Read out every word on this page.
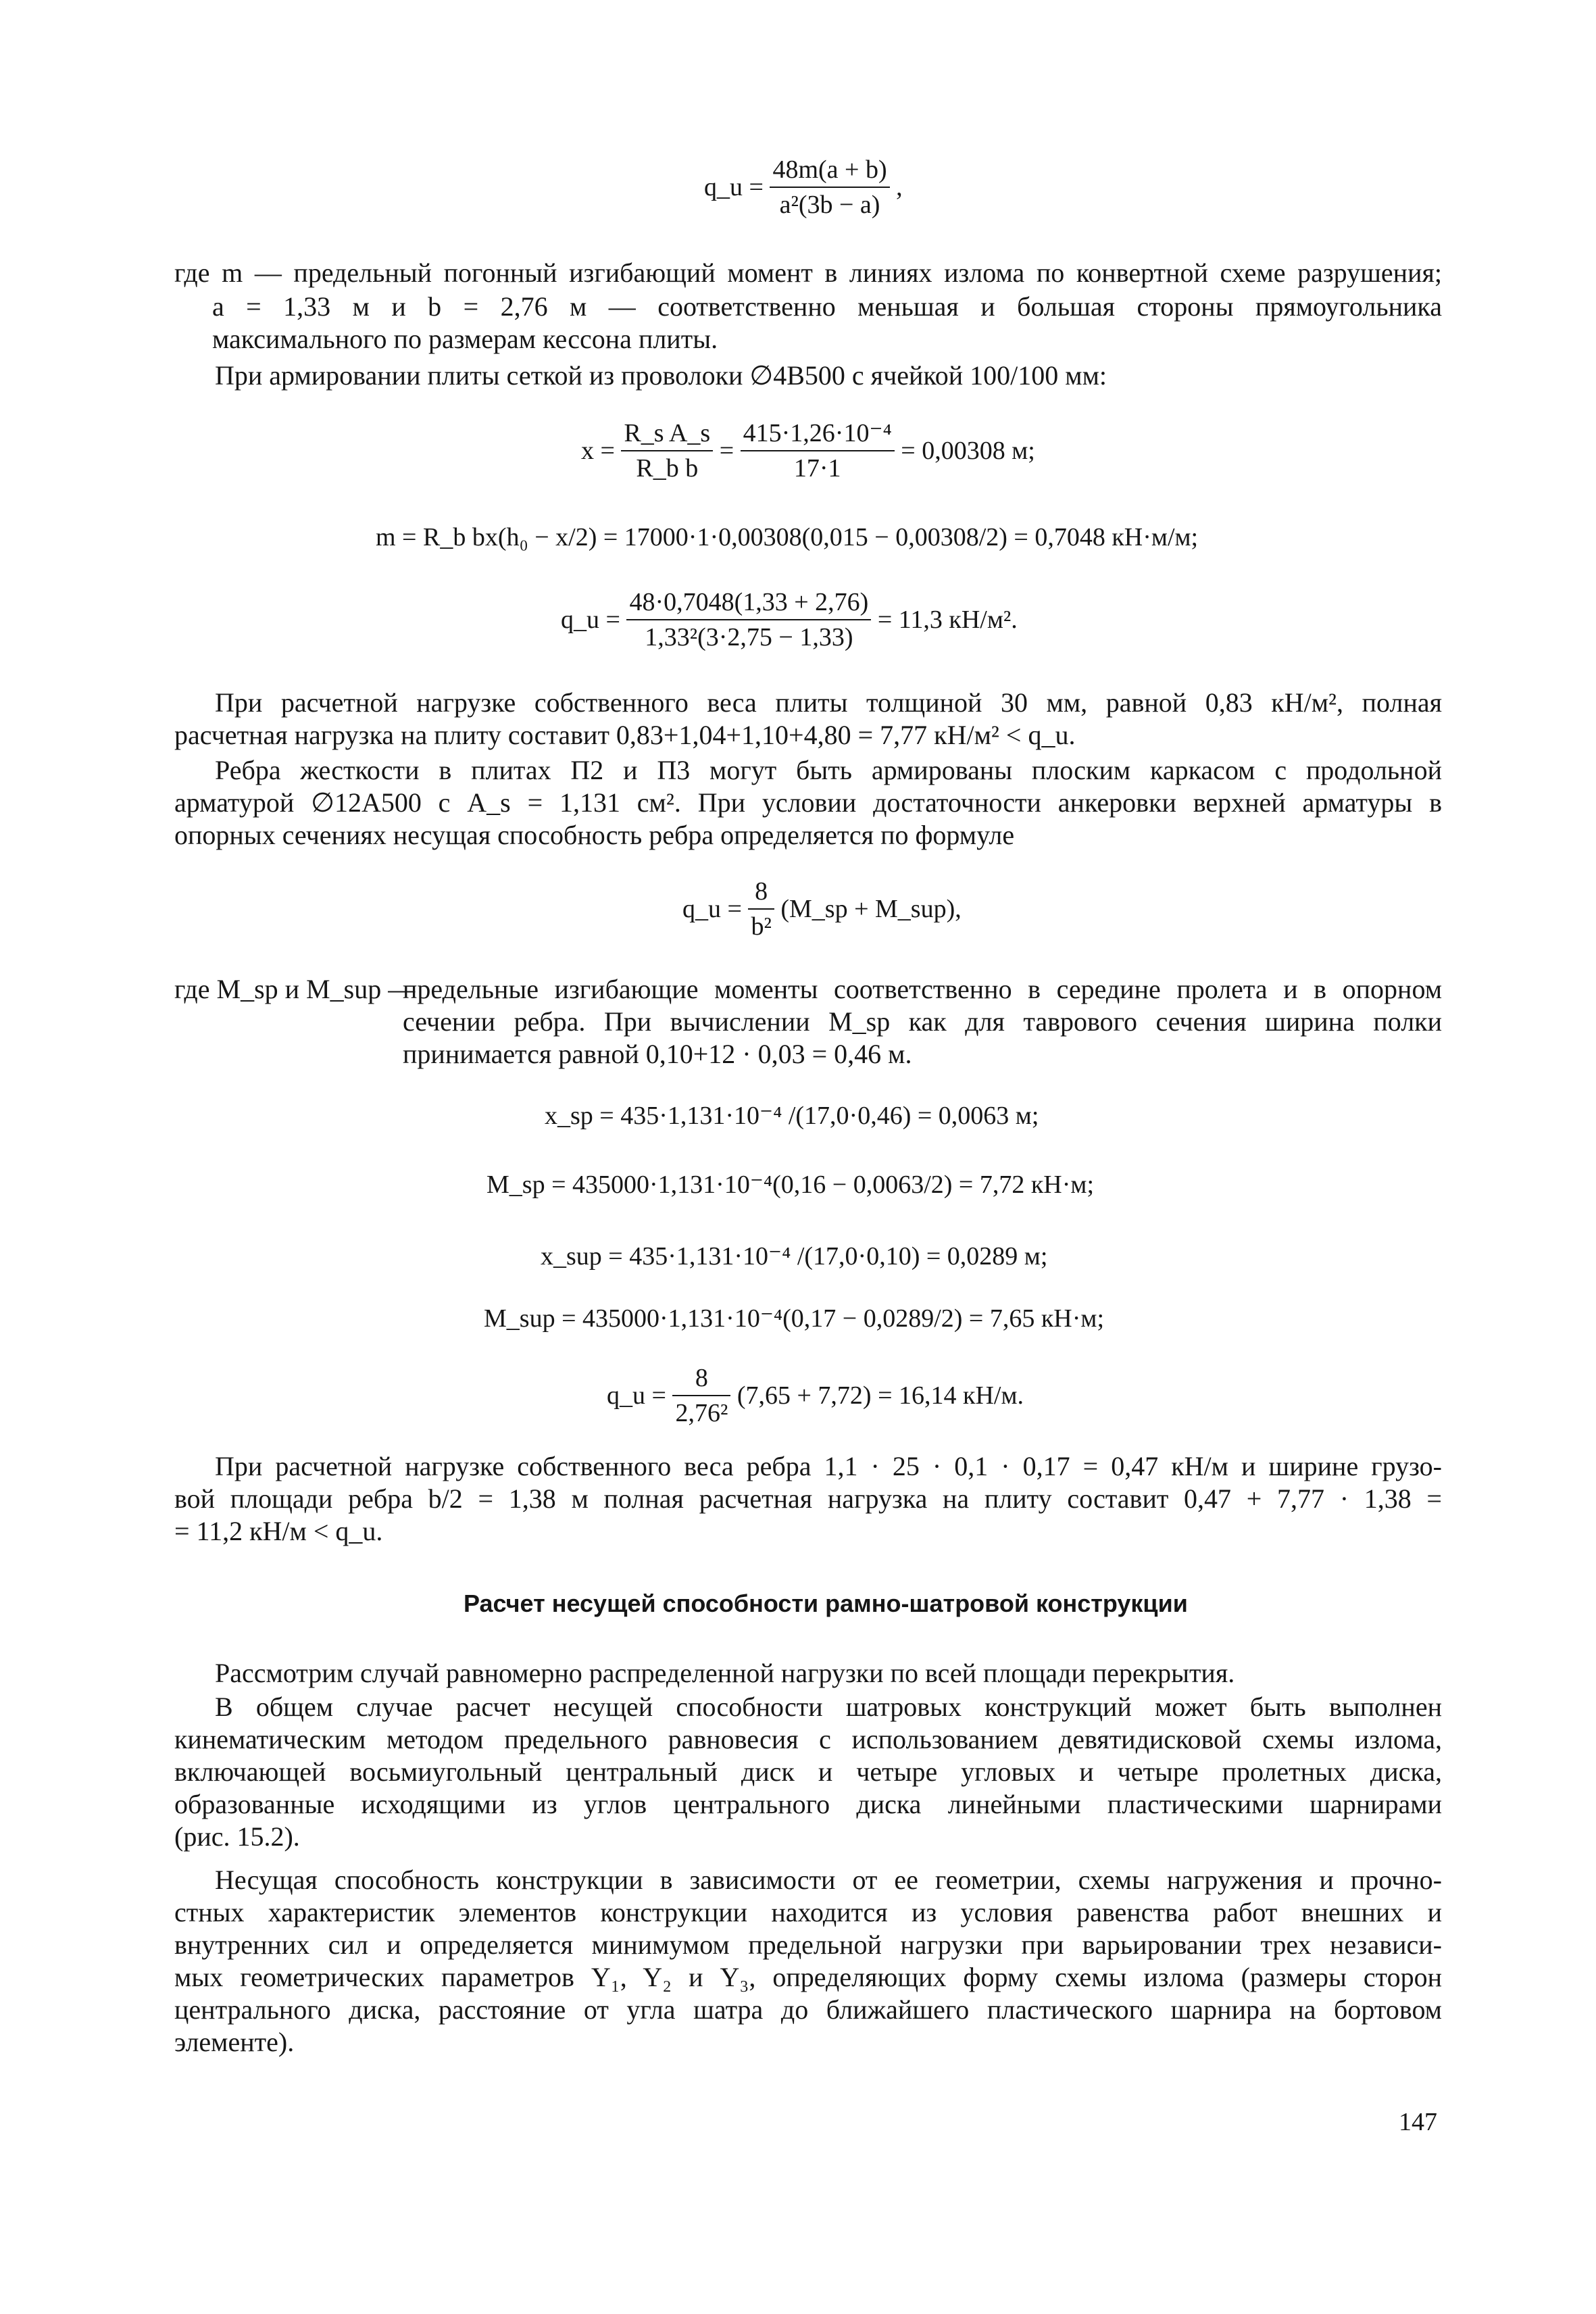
q_u = $\frac{48m(a + b)}{\text{a²(3b − a)}}$ ,
где m — предельный погонный изгибающий момент в линиях излома по конвертной схеме разрушения;
a = 1,33 м и b = 2,76 м — соответственно меньшая и большая стороны прямоугольника
максимального по размерам кессона плиты.
При армировании плиты сеткой из проволоки ∅4В500 с ячейкой 100/100 мм:
$x = \frac{\text{R\_s A\_s}}{\text{R\_b b}} = \frac{\text{415·1,26·10⁻⁴}}{17\cdot 1} = 0,00308$ м;
m = R_b bx(h₀ − x/2) = 17000·1·0,00308(0,015 − 0,00308/2) = 0,7048 кН·м/м;
q_u = $\frac{48\cdot 0,7048(1,33 + 2,76)}{\text{1,33²(3·2,75 − 1,33)}} = 11,3$ кН/м².
При расчетной нагрузке собственного веса плиты толщиной 30 мм, равной 0,83 кН/м², полная
расчетная нагрузка на плиту составит 0,83+1,04+1,10+4,80 = 7,77 кН/м² < q_u.
Ребра жесткости в плитах П2 и П3 могут быть армированы плоским каркасом с продольной
арматурой ∅12А500 с A_s = 1,131 см². При условии достаточности анкеровки верхней арматуры в
опорных сечениях несущая способность ребра определяется по формуле
q_u = $\frac{8}{\text{b²}}$ (M_sp + M_sup),
где M_sp и M_sup —
предельные изгибающие моменты соответственно в середине пролета и в опорном
сечении ребра. При вычислении M_sp как для таврового сечения ширина полки
принимается равной 0,10+12 · 0,03 = 0,46 м.
x_sp = 435·1,131·10⁻⁴ /(17,0·0,46) = 0,0063 м;
M_sp = 435000·1,131·10⁻⁴(0,16 − 0,0063/2) = 7,72 кН·м;
x_sup = 435·1,131·10⁻⁴ /(17,0·0,10) = 0,0289 м;
M_sup = 435000·1,131·10⁻⁴(0,17 − 0,0289/2) = 7,65 кН·м;
q_u = $\frac{8}{\text{2,76²}} (7,65 + 7,72) = 16,14$ кН/м.
При расчетной нагрузке собственного веса ребра 1,1 · 25 · 0,1 · 0,17 = 0,47 кН/м и ширине грузо-
вой площади ребра b/2 = 1,38 м полная расчетная нагрузка на плиту составит 0,47 + 7,77 · 1,38 =
= 11,2 кН/м < q_u.
Расчет несущей способности рамно-шатровой конструкции
Рассмотрим случай равномерно распределенной нагрузки по всей площади перекрытия.
В общем случае расчет несущей способности шатровых конструкций может быть выполнен
кинематическим методом предельного равновесия с использованием девятидисковой схемы излома,
включающей восьмиугольный центральный диск и четыре угловых и четыре пролетных диска,
образованные исходящими из углов центрального диска линейными пластическими шарнирами
(рис. 15.2).
Несущая способность конструкции в зависимости от ее геометрии, схемы нагружения и прочно-
стных характеристик элементов конструкции находится из условия равенства работ внешних и
внутренних сил и определяется минимумом предельной нагрузки при варьировании трех независи-
мых геометрических параметров Y₁, Y₂ и Y₃, определяющих форму схемы излома (размеры сторон
центрального диска, расстояние от угла шатра до ближайшего пластического шарнира на бортовом
элементе).
147
